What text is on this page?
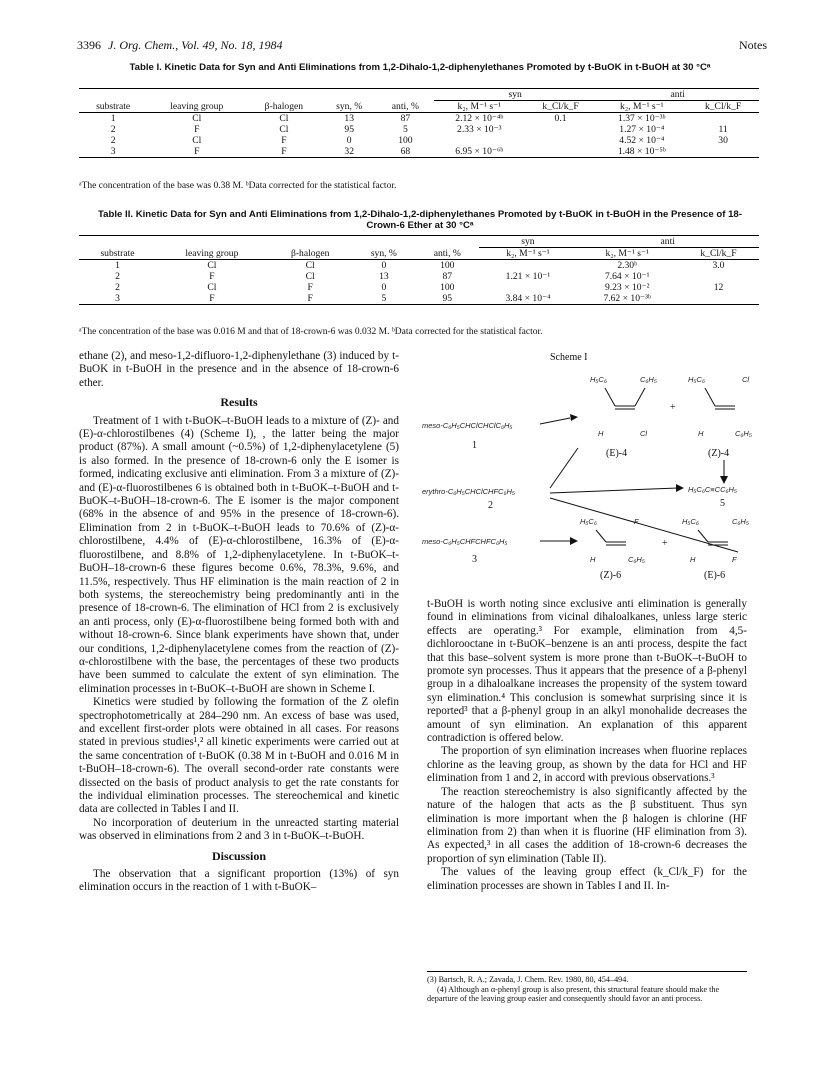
3396 J. Org. Chem., Vol. 49, No. 18, 1984	Notes
Table I. Kinetic Data for Syn and Anti Eliminations from 1,2-Dihalo-1,2-diphenylethanes Promoted by t-BuOK in t-BuOH at 30 °Cᵃ
					syn		anti	
substrate	leaving group	β-halogen	syn, %	anti, %	k₂, M⁻¹ s⁻¹	k_Cl/k_F	k₂, M⁻¹ s⁻¹	k_Cl/k_F
1	Cl	Cl	13	87	2.12 × 10⁻⁴ᵇ	0.1	1.37 × 10⁻³ᵇ	
2	F	Cl	95	5	2.33 × 10⁻³		1.27 × 10⁻⁴	11
2	Cl	F	0	100			4.52 × 10⁻⁴	30
3	F	F	32	68	6.95 × 10⁻⁶ᵇ		1.48 × 10⁻⁵ᵇ	
ᵃThe concentration of the base was 0.38 M. ᵇData corrected for the statistical factor.
Table II. Kinetic Data for Syn and Anti Eliminations from 1,2-Dihalo-1,2-diphenylethanes Promoted by t-BuOK in t-BuOH in the Presence of 18-Crown-6 Ether at 30 °Cᵃ
					syn	anti	
substrate	leaving group	β-halogen	syn, %	anti, %	k₂, M⁻¹ s⁻¹	k₂, M⁻¹ s⁻¹	k_Cl/k_F
1	Cl	Cl	0	100		2.30ᵇ	3.0
2	F	Cl	13	87	1.21 × 10⁻¹	7.64 × 10⁻¹	
2	Cl	F	0	100		9.23 × 10⁻²	12
3	F	F	5	95	3.84 × 10⁻⁴	7.62 × 10⁻³ᵇ	
ᵃThe concentration of the base was 0.016 M and that of 18-crown-6 was 0.032 M. ᵇData corrected for the statistical factor.

ethane (2), and meso-1,2-difluoro-1,2-diphenylethane (3) induced by t-BuOK in t-BuOH in the presence and in the absence of 18-crown-6 ether.

Results

Treatment of 1 with t-BuOK–t-BuOH leads to a mixture of (Z)- and (E)-α-chlorostilbenes (4) (Scheme I), , the latter being the major product (87%). A small amount (~0.5%) of 1,2-diphenylacetylene (5) is also formed. In the presence of 18-crown-6 only the E isomer is formed, indicating exclusive anti elimination. From 3 a mixture of (Z)- and (E)-α-fluorostilbenes 6 is obtained both in t-BuOK–t-BuOH and t-BuOK–t-BuOH–18-crown-6. The E isomer is the major component (68% in the absence of and 95% in the presence of 18-crown-6). Elimination from 2 in t-BuOK–t-BuOH leads to 70.6% of (Z)-α-chlorostilbene, 4.4% of (E)-α-chlorostilbene, 16.3% of (E)-α-fluorostilbene, and 8.8% of 1,2-diphenylacetylene. In t-BuOK–t-BuOH–18-crown-6 these figures become 0.6%, 78.3%, 9.6%, and 11.5%, respectively. Thus HF elimination is the main reaction of 2 in both systems, the stereochemistry being predominantly anti in the presence of 18-crown-6. The elimination of HCl from 2 is exclusively an anti process, only (E)-α-fluorostilbene being formed both with and without 18-crown-6. Since blank experiments have shown that, under our conditions, 1,2-diphenylacetylene comes from the reaction of (Z)-α-chlorostilbene with the base, the percentages of these two products have been summed to calculate the extent of syn elimination. The elimination processes in t-BuOK–t-BuOH are shown in Scheme I.

Kinetics were studied by following the formation of the Z olefin spectrophotometrically at 284–290 nm. An excess of base was used, and excellent first-order plots were obtained in all cases. For reasons stated in previous studies¹,² all kinetic experiments were carried out at the same concentration of t-BuOK (0.38 M in t-BuOH and 0.016 M in t-BuOH–18-crown-6). The overall second-order rate constants were dissected on the basis of product analysis to get the rate constants for the individual elimination processes. The stereochemical and kinetic data are collected in Tables I and II.

No incorporation of deuterium in the unreacted starting material was observed in eliminations from 2 and 3 in t-BuOK–t-BuOH.

Discussion

The observation that a significant proportion (13%) of syn elimination occurs in the reaction of 1 with t-BuOK–

Scheme I
meso-C₆H₅CHClCHClC₆H₅
1
H₅C₆	C₆H₅
H	Cl
(E)-4
+
H₅C₆	Cl
H	C₆H₅
(Z)-4
H₅C₆C≡CC₆H₅
5
erythro-C₆H₅CHClCHFC₆H₅
2
meso-C₆H₅CHFCHFC₆H₅
3
H₅C₆	F
H	C₆H₅
(Z)-6
+
H₅C₆	C₆H₅
H	F
(E)-6

t-BuOH is worth noting since exclusive anti elimination is generally found in eliminations from vicinal dihaloalkanes, unless large steric effects are operating.³ For example, elimination from 4,5-dichlorooctane in t-BuOK–benzene is an anti process, despite the fact that this base–solvent system is more prone than t-BuOK–t-BuOH to promote syn processes. Thus it appears that the presence of a β-phenyl group in a dihaloalkane increases the propensity of the system toward syn elimination.⁴ This conclusion is somewhat surprising since it is reported³ that a β-phenyl group in an alkyl monohalide decreases the amount of syn elimination. An explanation of this apparent contradiction is offered below.

The proportion of syn elimination increases when fluorine replaces chlorine as the leaving group, as shown by the data for HCl and HF elimination from 1 and 2, in accord with previous observations.³

The reaction stereochemistry is also significantly affected by the nature of the halogen that acts as the β substituent. Thus syn elimination is more important when the β halogen is chlorine (HF elimination from 2) than when it is fluorine (HF elimination from 3). As expected,³ in all cases the addition of 18-crown-6 decreases the proportion of syn elimination (Table II).

The values of the leaving group effect (k_Cl/k_F) for the elimination processes are shown in Tables I and II. In-

(3) Bartsch, R. A.; Zavada, J. Chem. Rev. 1980, 80, 454–494.
(4) Although an α-phenyl group is also present, this structural feature should make the departure of the leaving group easier and consequently should favor an anti process.
